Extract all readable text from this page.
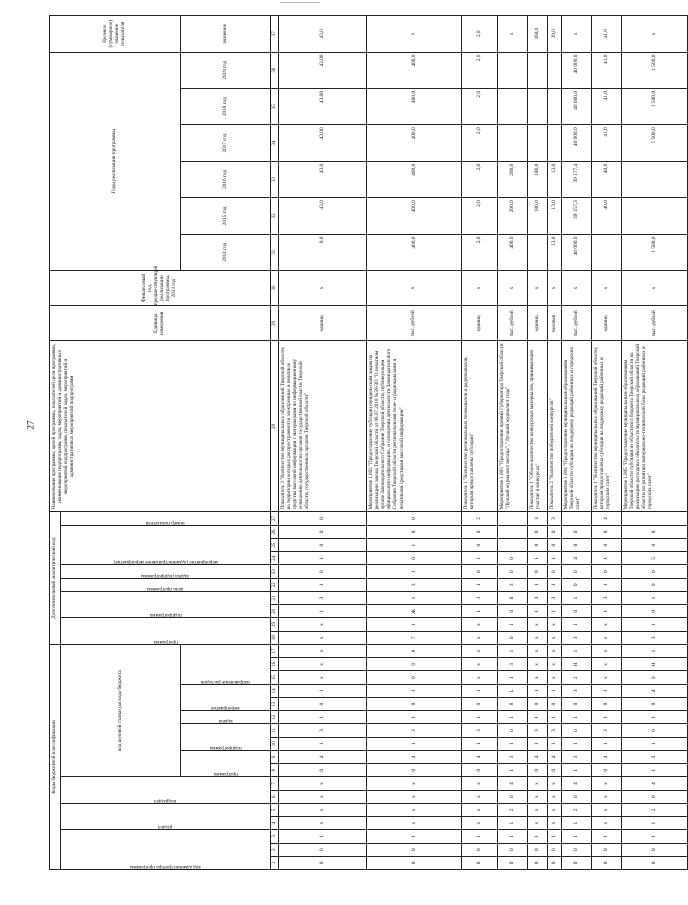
27
Коды бюджетной классификации																	Дополнительный аналитический код										Наименование программы, целей программы, показателей цели программы, наименование подпрограмм, задач, мероприятий и административных мероприятий подпрограмм, показателей задач, мероприятий и административных мероприятий подпрограмм	Единица измерения	Финансовый год, предшествующий реализации программы, 2013 год	Годы реализации программы						Целевое (суммарное) значение показателя

код администратора программы			раздел		подраздел		код целевой статьи расхода бюджета										программа		подпрограмма		цель программы	задача подпрограммы	мероприятие (административное мероприятие)			номер показателя										

							программа		подпрограмма		задача	мероприятие		направление расходов																2014 год	2015 год	2016 год	2017 год	2018 год	2019 год	значение
1	2	3	4	5	6	7	8	9	10	11	12	13	14	15	16	17	18	19	20	21	22	23	24	25	26	27	28	29	30	31	32	33	34	35	36	37
0	0	1	x	x	x	x	0	4	1	3	1	0	1	x	x	x	x	x	1	3	1	0	1	0	0	0	Показатель 3 "Количество муниципальных образований Тверской области, на территории которых распространяются электронные и печатные средства массовой информации с материалами по информационному освещению деятельности органов государственной власти Тверской области, государственных органов Тверской области"	единиц	x	0,0	43,0	43,0	43,00	43,00	43,00	43,0
0	0	1	x	x	x	x	0	4	1	3	1	0	1	0	9	8	7	1	Ж	1	3	1	0	1	0	0	Мероприятие 1.002 "Предоставление субсидии юридическим лицам на реализацию закона Тверской области от 06.07.2010 №58-ЗО "О печатном органе Законодательного Собрания Тверской области, публикующем официальную информацию, и освещении деятельности Законодательного Собрания Тверской области региональными теле- и радиоканалами и печатными средствами массовой информации"	тыс. рублей	x	400,0	400,0	400,0	400,0	400,0	400,0	x
0	0	1	x	x	x	x	0	4	1	3	1	0	1	x	x	x	x	x	1	3	1	0	1	0	0	2	Показатель 1 "Количество региональных телеканалов и радиоканалов, которым предоставлены субсидии"	единиц	x	2,0	2,0	2,0	2,0	2,0	2,0	2,0
0	0	1	1	2	0	4	1	3	1	0	1	8	L	1	3	1	0	1	0	0	3	0	0				Мероприятие 1.003 "Предоставление премий Губернатора Тверской области "Лучший журналист месяца", "Лучший журналист года"	тыс. рублей	x	400,0	200,0	200,0				x
0	0	1	x	x	x	x	0	4	1	3	1	0	1	x	x	x	x	x	1	3	1	0	1	0	0	3	Показатель 1 "Общее количество конкурсных материалов, принимающих участие в конкурсах"	единиц	x		180,0	180,0				360,0
0	0	1	x	x	x	x	0	4	1	3	1	0	1	x	x	x	x	x	1	3	1	0	1	0	0	3	Показатель 2 "Количество победителей конкурсов"	человек	x	13,0	13,0	13,0				39,0
0	0	1	1	2	0	4	1	3	1	0	1	0	3	2	Н	1	3	1	0	1	0	0	4	0	0		Мероприятие 1.004 "Предоставление муниципальным образованиям Тверской области субсидии на поддержку редакций районных и городских газет"	тыс. рублей	x	40 000,0	39 157,3	39 177,4	40 000,0	40 000,0	40 000,0	x
0	0	1	x	x	x	x	0	4	1	3	1	0	1	x	x	x	x	x	1	3	1	0	1	0	0	4	Показатель 1 "Количество муниципальных образований Тверской области, которым предоставлена субсидия на поддержку редакций районных и городских газет"	единиц	x		40,0	40,0	41,0	41,0	41,0	41,0
0	0	1	1	2	0	4	1	3	1	0	1	0	4	9	Н	1	3	1	0	1	0	0	5	0	0		Мероприятие 1.005 "Предоставление муниципальным образованиям Тверской области субсидии из областного бюджета Тверской области на реализацию расходных обязательств муниципальных образований Тверской области по развитию материально-технической базы редакций районных и городских газет"	тыс. рублей	x	1 500,0			1 500,0	1 500,0	1 500,0	x
